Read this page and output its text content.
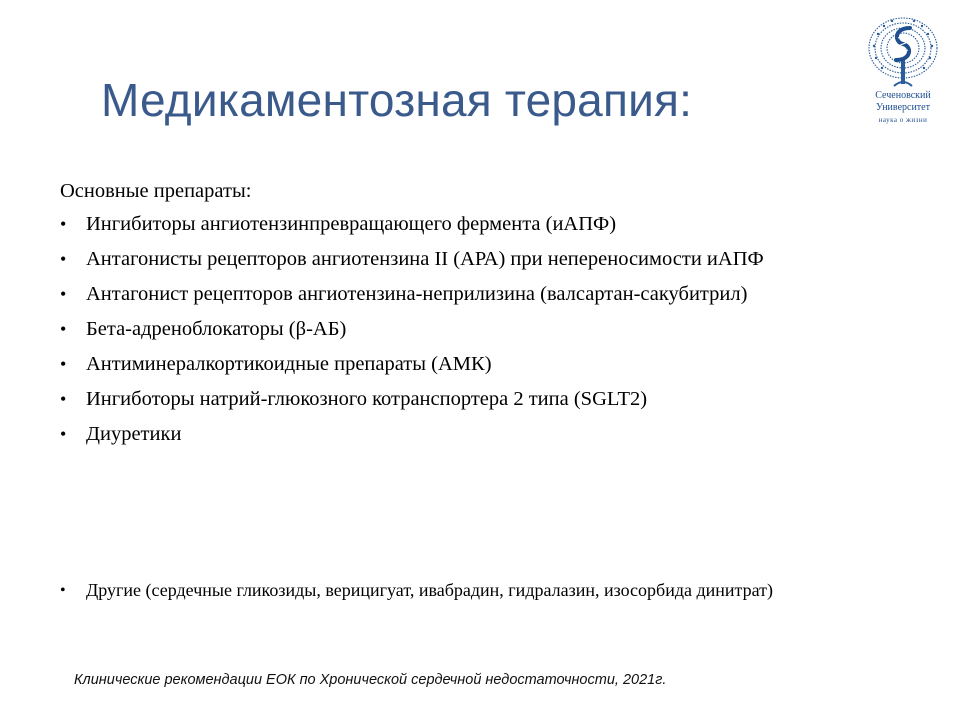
Медикаментозная терапия:	Сеченовский
Университет
наука о жизни

Основные препараты:

• Ингибиторы ангиотензинпревращающего фермента (иАПФ)
• Антагонисты рецепторов ангиотензина II (АРА) при непереносимости иАПФ
• Антагонист рецепторов ангиотензина-неприлизина (валсартан-сакубитрил)
• Бета-адреноблокаторы (β-АБ)
• Антиминералкортикоидные препараты (АМК)
• Ингиботоры натрий-глюкозного котранспортера 2 типа (SGLT2)
• Диуретики
• Другие (сердечные гликозиды, верицигуат, ивабрадин, гидралазин, изосорбида динитрат)
Клинические рекомендации ЕОК по Хронической сердечной недостаточности, 2021г.
